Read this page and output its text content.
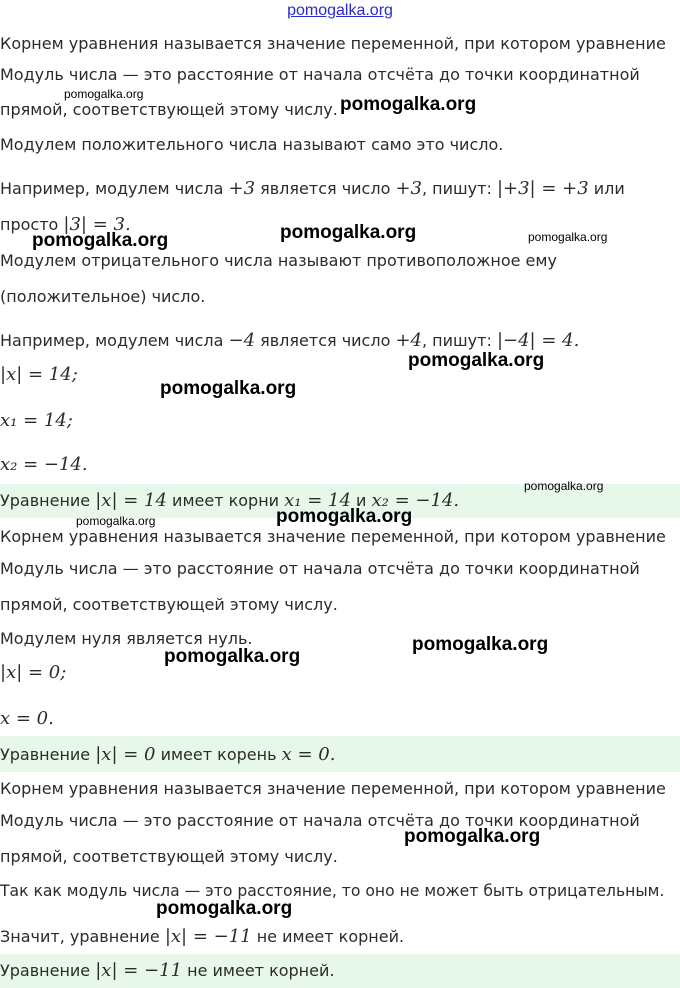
pomogalka.org
Корнем уравнения называется значение переменной, при котором уравнение
Модуль числа — это расстояние от начала отсчёта до точки координатной
прямой, соответствующей этому числу.
Модулем положительного числа называют само это число.
Например, модулем числа +3 является число +3, пишут: |+3| = +3 или
просто |3| = 3.
Модулем отрицательного числа называют противоположное ему
(положительное) число.
Например, модулем числа −4 является число +4, пишут: |−4| = 4.
|x| = 14;
x₁ = 14;
x₂ = −14.
Уравнение |x| = 14 имеет корни x₁ = 14 и x₂ = −14.
Корнем уравнения называется значение переменной, при котором уравнение
Модуль числа — это расстояние от начала отсчёта до точки координатной
прямой, соответствующей этому числу.
Модулем нуля является нуль.
|x| = 0;
x = 0.
Уравнение |x| = 0 имеет корень x = 0.
Корнем уравнения называется значение переменной, при котором уравнение
Модуль числа — это расстояние от начала отсчёта до точки координатной
прямой, соответствующей этому числу.
Так как модуль числа — это расстояние, то оно не может быть отрицательным.
Значит, уравнение |x| = −11 не имеет корней.
Уравнение |x| = −11 не имеет корней.
pomogalka.org	pomogalka.org
pomogalka.org	pomogalka.org	pomogalka.org
pomogalka.org
pomogalka.org
pomogalka.org
pomogalka.org	pomogalka.org
pomogalka.org
pomogalka.org
pomogalka.org
pomogalka.org
